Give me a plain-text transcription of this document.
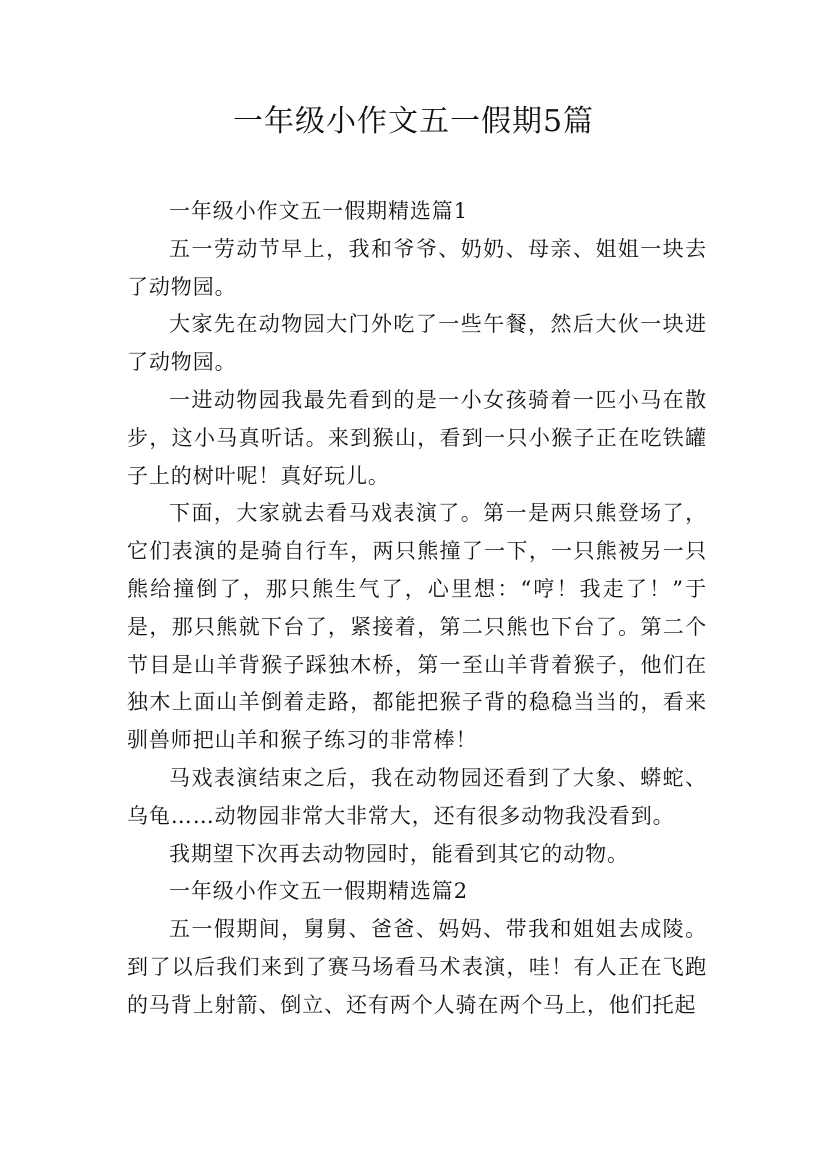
一年级小作文五一假期5篇

一年级小作文五一假期精选篇1

五一劳动节早上，我和爷爷、奶奶、母亲、姐姐一块去了动物园。

大家先在动物园大门外吃了一些午餐，然后大伙一块进了动物园。

一进动物园我最先看到的是一小女孩骑着一匹小马在散步，这小马真听话。来到猴山，看到一只小猴子正在吃铁罐子上的树叶呢！真好玩儿。

下面，大家就去看马戏表演了。第一是两只熊登场了，它们表演的是骑自行车，两只熊撞了一下，一只熊被另一只熊给撞倒了，那只熊生气了，心里想：“哼！我走了！”于是，那只熊就下台了，紧接着，第二只熊也下台了。第二个节目是山羊背猴子踩独木桥，第一至山羊背着猴子，他们在独木上面山羊倒着走路，都能把猴子背的稳稳当当的，看来驯兽师把山羊和猴子练习的非常棒！

马戏表演结束之后，我在动物园还看到了大象、蟒蛇、乌龟……动物园非常大非常大，还有很多动物我没看到。

我期望下次再去动物园时，能看到其它的动物。

一年级小作文五一假期精选篇2

五一假期间，舅舅、爸爸、妈妈、带我和姐姐去成陵。到了以后我们来到了赛马场看马术表演，哇！有人正在飞跑的马背上射箭、倒立、还有两个人骑在两个马上，他们托起
